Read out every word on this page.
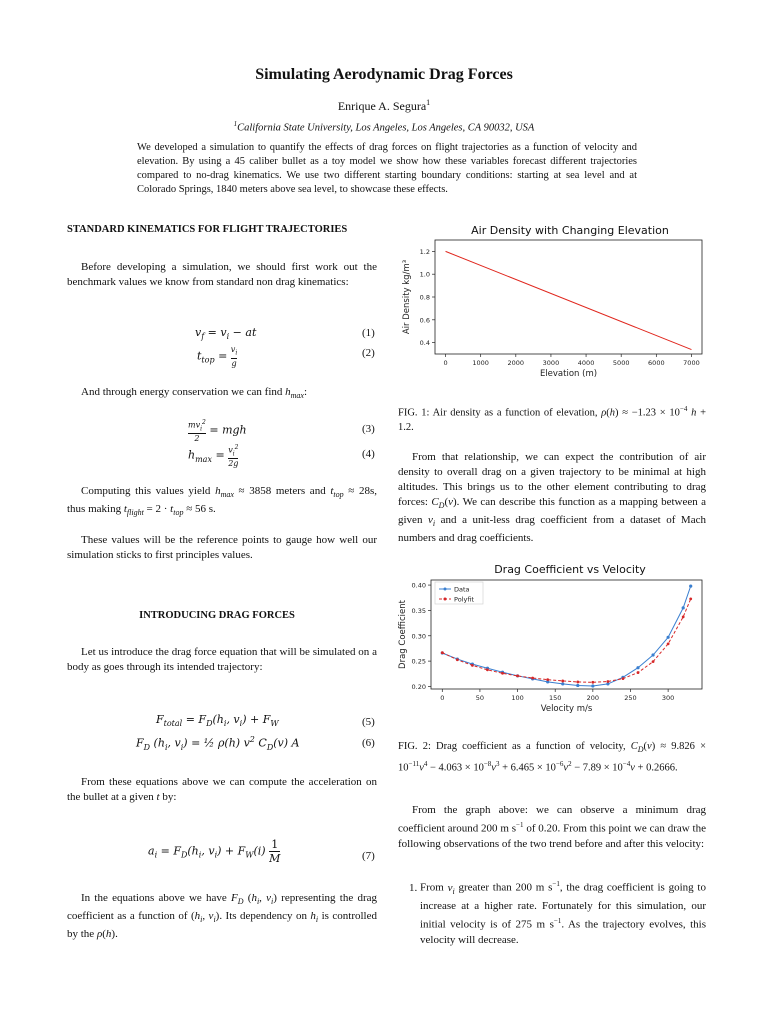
Simulating Aerodynamic Drag Forces
Enrique A. Segura$^1$
$^1$California State University, Los Angeles, Los Angeles, CA 90032, USA
We developed a simulation to quantify the effects of drag forces on flight trajectories as a function of velocity and elevation. By using a 45 caliber bullet as a toy model we show how these variables forecast different trajectories compared to no-drag kinematics. We use two different starting boundary conditions: starting at sea level and at Colorado Springs, 1840 meters above sea level, to showcase these effects.
STANDARD KINEMATICS FOR FLIGHT TRAJECTORIES
Before developing a simulation, we should first work out the benchmark values we know from standard non drag kinematics:
$v_f = v_i$ − at	(1)
$t_{top} = \frac{v_i}{g}$	(2)
And through energy conservation we can find $h_{max}$:
$mv_i^2$
2
= mgh	(3)
$h_{max} = \frac{v_i^2}{2g}$	(4)
Computing this values yield $h_{max} \approx 3858$ meters and $t_{top} \approx 28s$, thus making $t_{flight} = 2 \cdot t_{top} \approx 56$ s.
These values will be the reference points to gauge how well our simulation sticks to first principles values.
INTRODUCING DRAG FORCES
Let us introduce the drag force equation that will be simulated on a body as goes through its intended trajectory:
$F_{total} = F_D(h_i$, $v_i) + F_W$	(5)
$F_D$ ($h_i$, $v_i$) = ½ ρ(h) $v^2$ $C_D(v)$ A	(6)
From these equations above we can compute the acceleration on the bullet at a given t by:
$a_i = F_D(h_i$, $v_i) + F_W(i) \frac{1}{M}$	(7)
In the equations above we have $F_D$ ($h_i$, $v_i$) representing the drag coefficient as a function of ($h_i$, $v_i$). Its dependency on $h_i$ is controlled by the ρ(h).
Air Density with Changing Elevation
0	1000	2000	3000	4000	5000	6000	7000
0.4
0.6
0.8
1.0
1.2
Elevation (m)
Air Density kg/m³
FIG. 1: Air density as a function of elevation, $\rho(h) \approx -1.23 \times 10^{-4}$ h + 1.2.
From that relationship, we can expect the contribution of air density to overall drag on a given trajectory to be minimal at high altitudes. This brings us to the other element contributing to drag forces: $C_D(v)$. We can describe this function as a mapping between a given $v_i$ and a unit-less drag coefficient from a dataset of Mach numbers and drag coefficients.
Drag Coefficient vs Velocity
0	50	100	150	200	250	300
0.20
0.25
0.30
0.35
0.40
Velocity m/s
Drag Coefficient
Data
Polyfit
FIG. 2: Drag coefficient as a function of velocity, $C_D(v) \approx 9.826 \times 10^{-11}v^4 - 4.063 \times 10^{-8}v^3 + 6.465 \times 10^{-6}v^2 - 7.89 \times 10^{-4}v + 0.2666$.
From the graph above: we can observe a minimum drag coefficient around 200 m $s^{-1}$ of 0.20. From this point we can draw the following observations of the two trend before and after this velocity:
1. From $v_i$ greater than 200 m $s^{-1}$, the drag coefficient is going to increase at a higher rate. Fortunately for this simulation, our initial velocity is of 275 m $s^{-1}$. As the trajectory evolves, this velocity will decrease.
